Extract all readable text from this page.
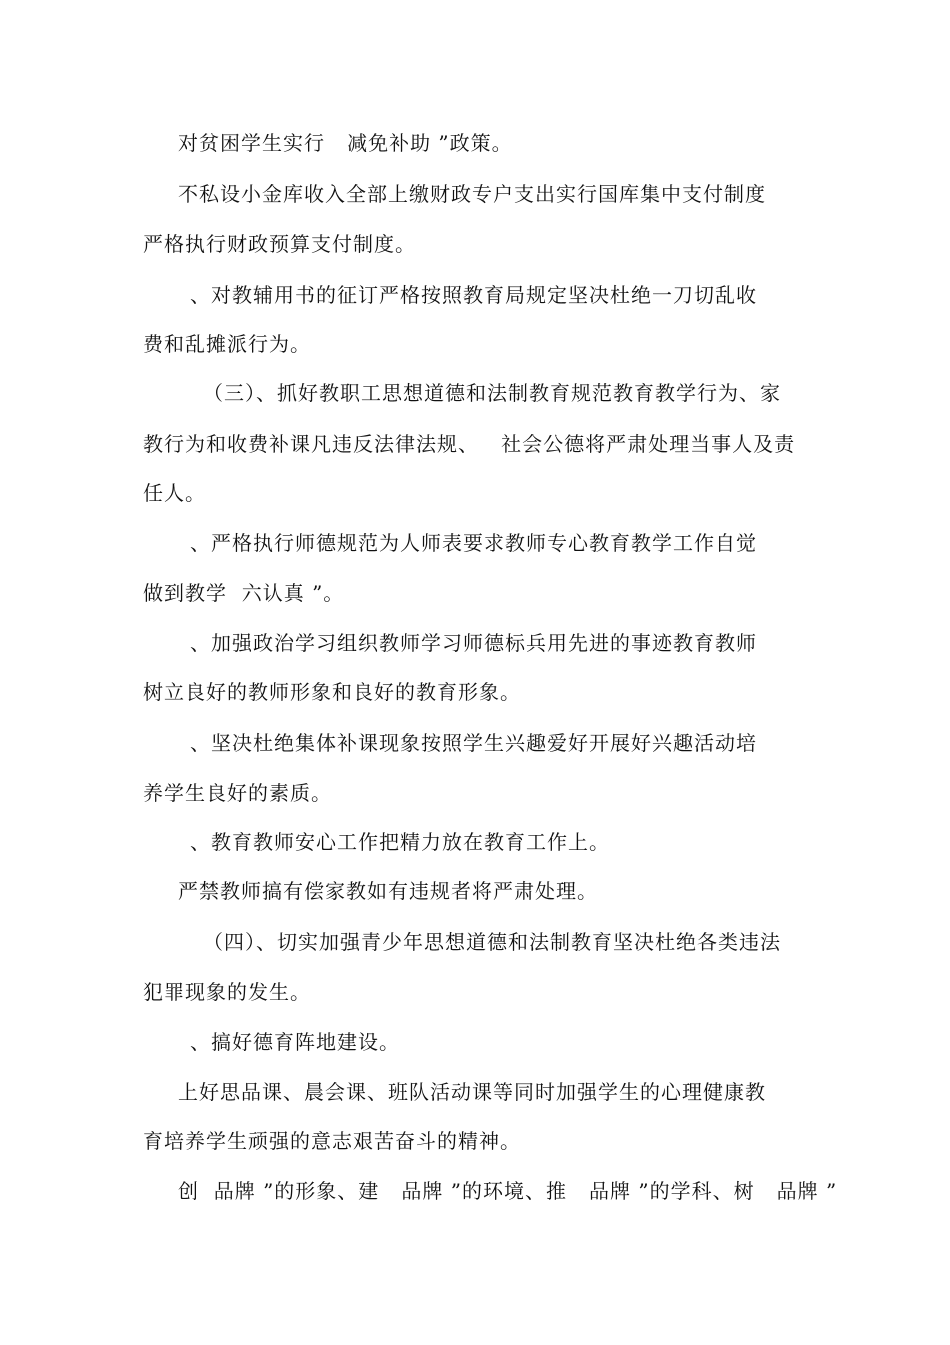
对贫困学生实行   减免补助 ”政策。
不私设小金库收入全部上缴财政专户支出实行国库集中支付制度
严格执行财政预算支付制度。
、对教辅用书的征订严格按照教育局规定坚决杜绝一刀切乱收
费和乱摊派行为。
（三）、抓好教职工思想道德和法制教育规范教育教学行为、家
教行为和收费补课凡违反法律法规、   社会公德将严肃处理当事人及责
任人。
、严格执行师德规范为人师表要求教师专心教育教学工作自觉
做到教学  六认真 ”。
、加强政治学习组织教师学习师德标兵用先进的事迹教育教师
树立良好的教师形象和良好的教育形象。
、坚决杜绝集体补课现象按照学生兴趣爱好开展好兴趣活动培
养学生良好的素质。
、教育教师安心工作把精力放在教育工作上。
严禁教师搞有偿家教如有违规者将严肃处理。
（四）、切实加强青少年思想道德和法制教育坚决杜绝各类违法
犯罪现象的发生。
、搞好德育阵地建设。
上好思品课、晨会课、班队活动课等同时加强学生的心理健康教
育培养学生顽强的意志艰苦奋斗的精神。
创  品牌 ”的形象、建   品牌 ”的环境、推   品牌 ”的学科、树   品牌 ”
